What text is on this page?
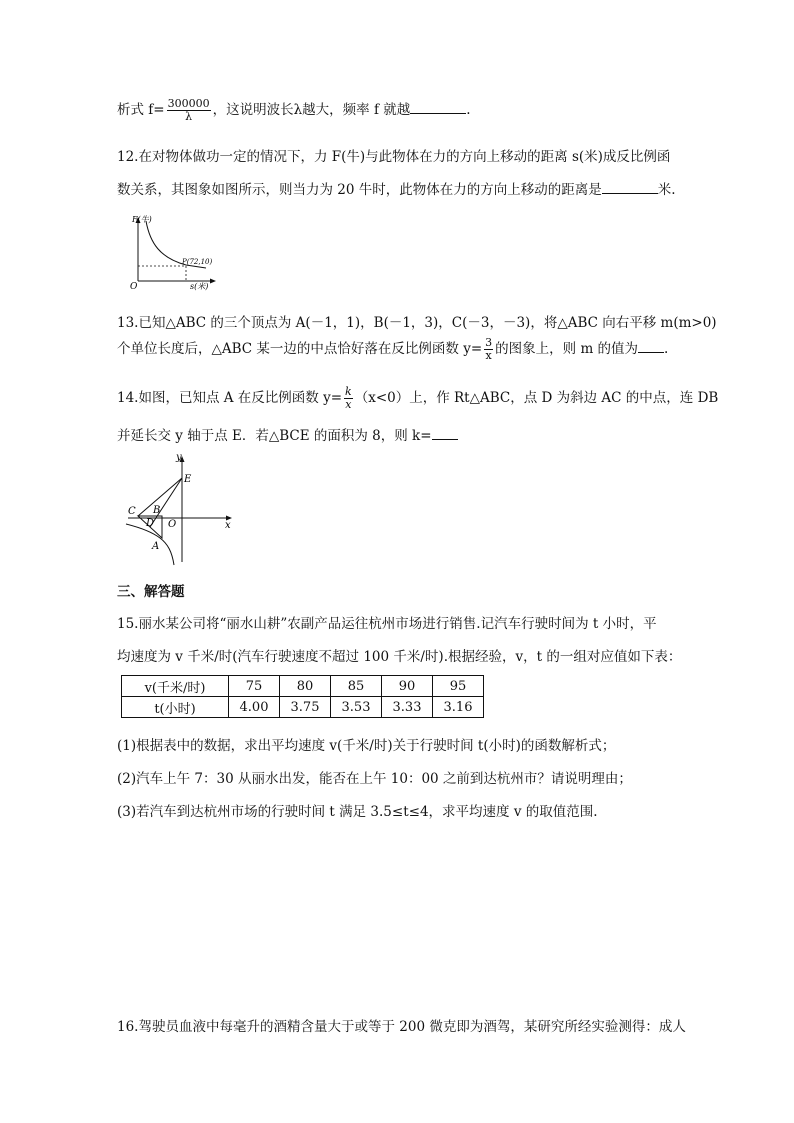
析式 $f= \frac{300000}{\lambda}$ ，这说明波长λ越大，频率 f 就越	.
12.在对物体做功一定的情况下，力 F(牛)与此物体在力的方向上移动的距离 s(米)成反比例函
数关系，其图象如图所示，则当力为 20 牛时，此物体在力的方向上移动的距离是	米.
F(牛)
s(米)
O
P(72,10)
13.已知△ABC 的三个顶点为 A(－1，1)，B(－1，3)，C(－3，－3)，将△ABC 向右平移 m(m>0)
个单位长度后，△ABC 某一边的中点恰好落在反比例函数 $y= \frac{3}{x}$ 的图象上，则 m 的值为 .
14.如图，已知点 A 在反比例函数 $y= \frac{k}{x} (x<0)$上，作 Rt△ABC，点 D 为斜边 AC 的中点，连 DB
并延长交 y 轴于点 E．若△BCE 的面积为 8，则 k=
E
y
x
C B
D O
A
三、解答题
15.丽水某公司将“丽水山耕”农副产品运往杭州市场进行销售.记汽车行驶时间为 t 小时，平
均速度为 v 千米/时(汽车行驶速度不超过 100 千米/时).根据经验，v，t 的一组对应值如下表：
v(千米/时)	75	80	85	90	95
t(小时)	4.00	3.75	3.53	3.33	3.16
(1)根据表中的数据，求出平均速度 v(千米/时)关于行驶时间 t(小时)的函数解析式；
(2)汽车上午 7：30 从丽水出发，能否在上午 10：00 之前到达杭州市？请说明理由；
(3)若汽车到达杭州市场的行驶时间 t 满足 3.5≤t≤4，求平均速度 v 的取值范围.
16.驾驶员血液中每毫升的酒精含量大于或等于 200 微克即为酒驾，某研究所经实验测得：成人
